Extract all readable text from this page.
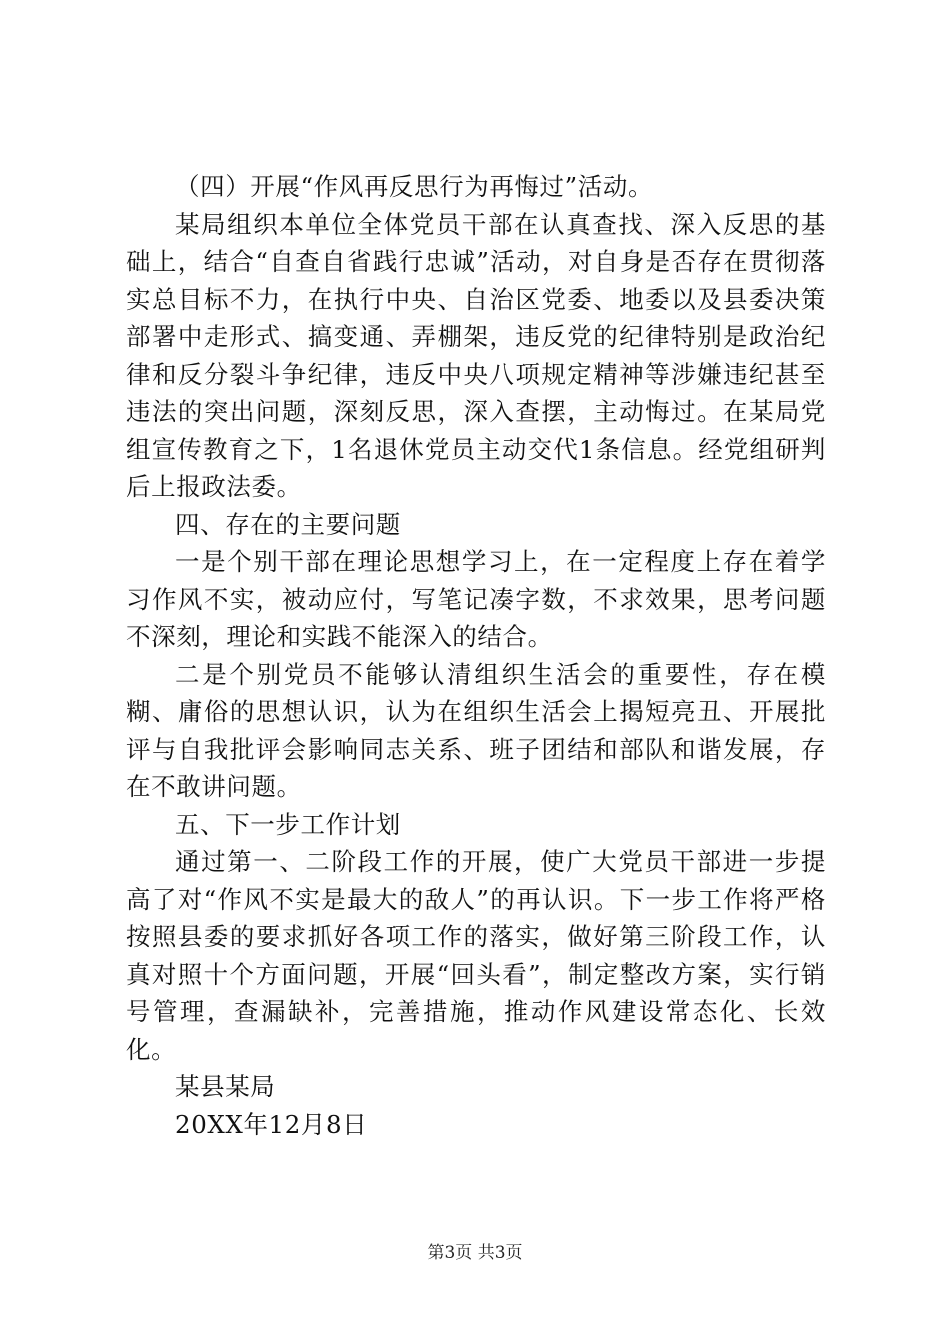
（四）开展“作风再反思行为再悔过”活动。

某局组织本单位全体党员干部在认真查找、深入反思的基础上，结合“自查自省践行忠诚”活动，对自身是否存在贯彻落实总目标不力，在执行中央、自治区党委、地委以及县委决策部署中走形式、搞变通、弄棚架，违反党的纪律特别是政治纪律和反分裂斗争纪律，违反中央八项规定精神等涉嫌违纪甚至违法的突出问题，深刻反思，深入查摆，主动悔过。在某局党组宣传教育之下，1名退休党员主动交代1条信息。经党组研判后上报政法委。

四、存在的主要问题

一是个别干部在理论思想学习上，在一定程度上存在着学习作风不实，被动应付，写笔记凑字数，不求效果，思考问题不深刻，理论和实践不能深入的结合。

二是个别党员不能够认清组织生活会的重要性，存在模糊、庸俗的思想认识，认为在组织生活会上揭短亮丑、开展批评与自我批评会影响同志关系、班子团结和部队和谐发展，存在不敢讲问题。

五、下一步工作计划

通过第一、二阶段工作的开展，使广大党员干部进一步提高了对“作风不实是最大的敌人”的再认识。下一步工作将严格按照县委的要求抓好各项工作的落实，做好第三阶段工作，认真对照十个方面问题，开展“回头看”，制定整改方案，实行销号管理，查漏缺补，完善措施，推动作风建设常态化、长效化。

某县某局

20XX年12月8日

第3页 共3页
